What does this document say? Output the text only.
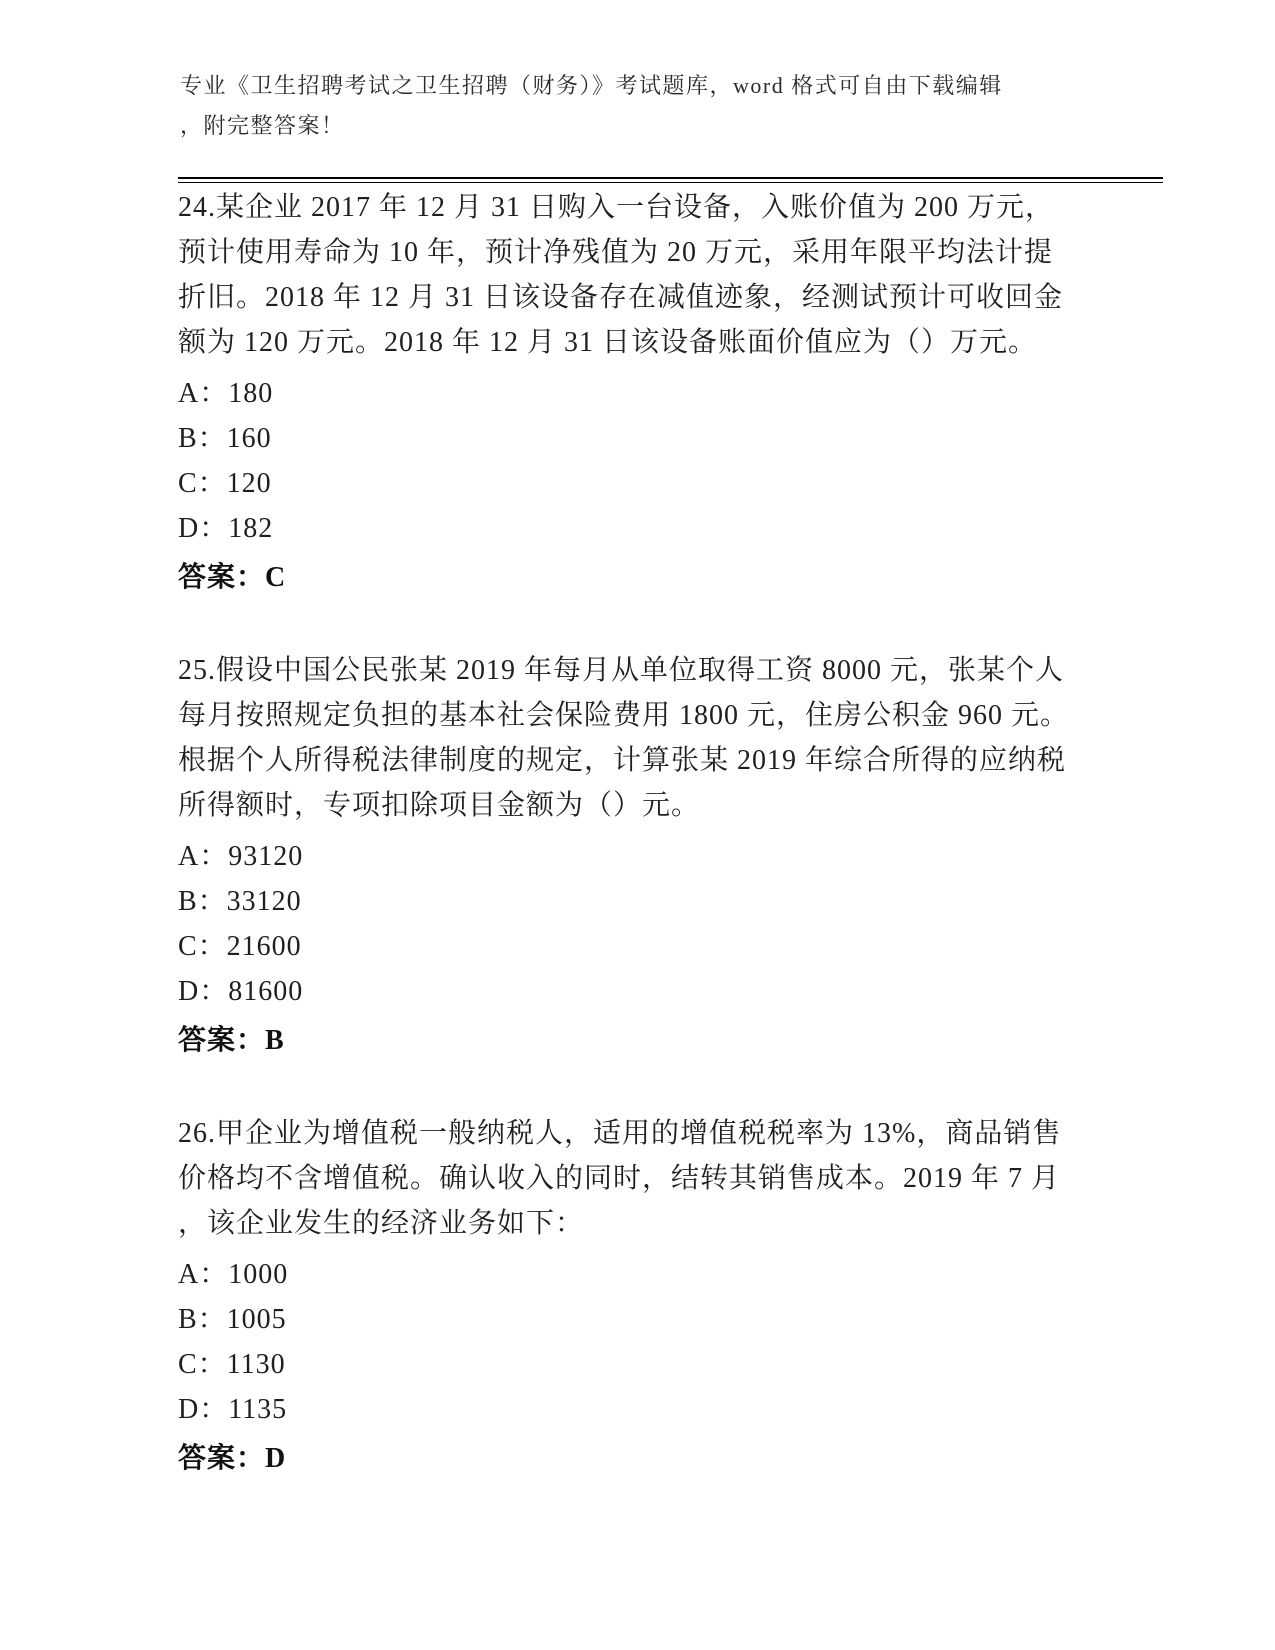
专业《卫生招聘考试之卫生招聘（财务）》考试题库，word 格式可自由下载编辑

，附完整答案！

24.某企业 2017 年 12 月 31 日购入一台设备，入账价值为 200 万元，

预计使用寿命为 10 年，预计净残值为 20 万元，采用年限平均法计提

折旧。2018 年 12 月 31 日该设备存在减值迹象，经测试预计可收回金

额为 120 万元。2018 年 12 月 31 日该设备账面价值应为（）万元。

A：180

B：160

C：120

D：182

答案：C

25.假设中国公民张某 2019 年每月从单位取得工资 8000 元，张某个人

每月按照规定负担的基本社会保险费用 1800 元，住房公积金 960 元。

根据个人所得税法律制度的规定，计算张某 2019 年综合所得的应纳税

所得额时，专项扣除项目金额为（）元。

A：93120

B：33120

C：21600

D：81600

答案：B

26.甲企业为增值税一般纳税人，适用的增值税税率为 13%，商品销售

价格均不含增值税。确认收入的同时，结转其销售成本。2019 年 7 月

，该企业发生的经济业务如下：

A：1000

B：1005

C：1130

D：1135

答案：D
